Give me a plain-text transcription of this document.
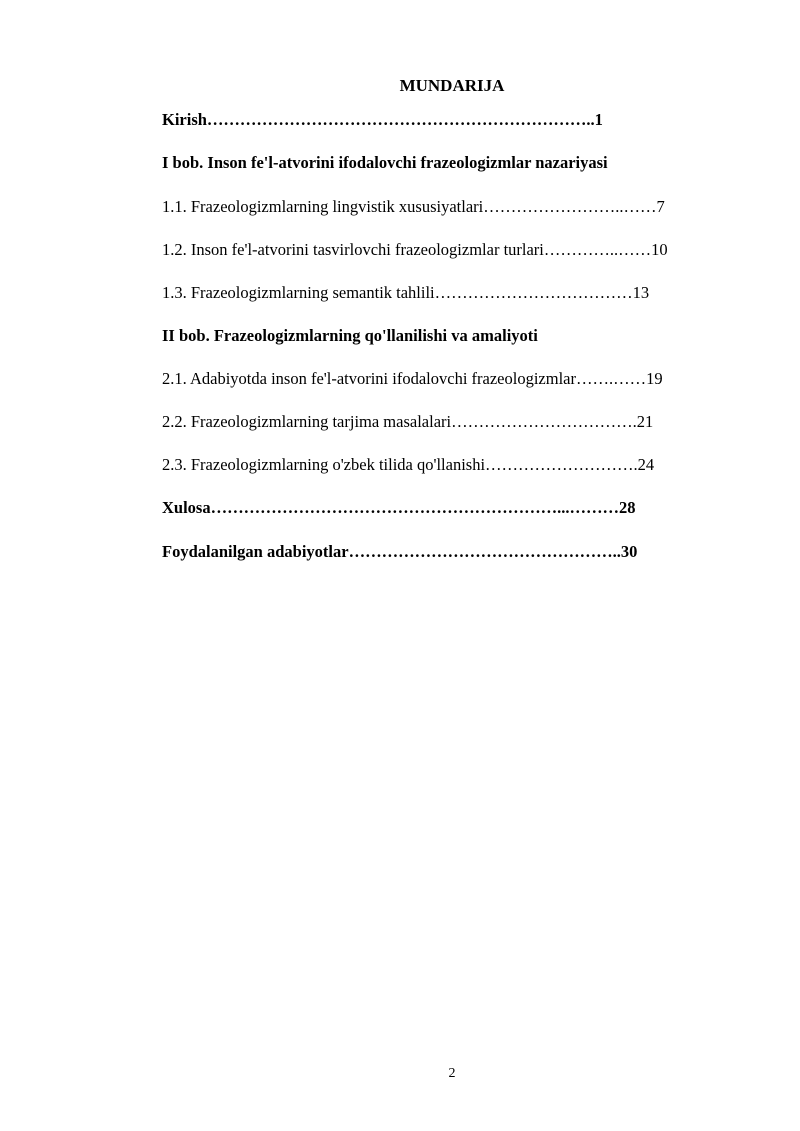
MUNDARIJA
Kirish……………………………………………………………..1
I bob. Inson fe'l-atvorini ifodalovchi frazeologizmlar nazariyasi
1.1. Frazeologizmlarning lingvistik xususiyatlari……………………..……7
1.2. Inson fe'l-atvorini tasvirlovchi frazeologizmlar turlari…………..……10
1.3. Frazeologizmlarning semantik tahlili………………………………13
II bob. Frazeologizmlarning qo'llanilishi va amaliyoti
2.1. Adabiyotda inson fe'l-atvorini ifodalovchi frazeologizmlar…….……19
2.2. Frazeologizmlarning tarjima masalalari…………………………….21
2.3. Frazeologizmlarning o'zbek tilida qo'llanishi……………………….24
Xulosa………………………………………………………...………28
Foydalanilgan adabiyotlar…………………………………………..30
2
